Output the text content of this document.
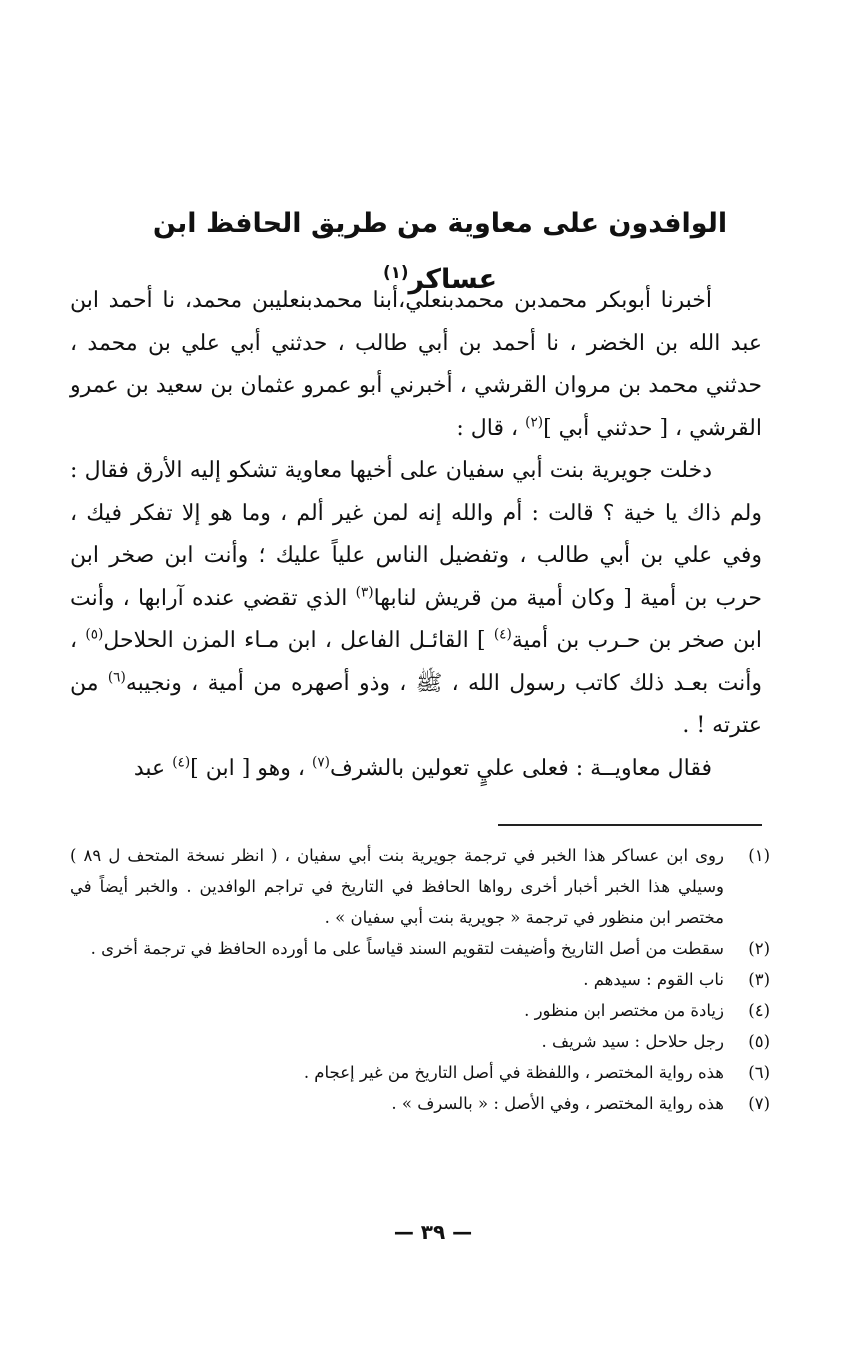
الوافدون على معاوية من طريق الحافظ ابن عساكر$^{(١)}$

أخبرنا أبوبكر محمدبن محمدبنعلي،أبنا محمدبنعليبن محمد، نا أحمد ابن عبد الله بن الخضر ، نا أحمد بن أبي طالب ، حدثني أبي علي بن محمد ، حدثني محمد بن مروان القرشي ، أخبرني أبو عمرو عثمان بن سعيد بن عمرو القرشي ، [ حدثني أبي ]$^{(٢)}$ ، قال :

دخلت جويرية بنت أبي سفيان على أخيها معاوية تشكو إليه الأرق فقال : ولم ذاك يا خية ؟ قالت : أم والله إنه لمن غير ألم ، وما هو إلا تفكر فيك ، وفي علي بن أبي طالب ، وتفضيل الناس علياً عليك ؛ وأنت ابن صخر ابن حرب بن أمية [ وكان أمية من قريش لنابها$^{(٣)}$ الذي تقضي عنده آرابها ، وأنت ابن صخر بن حـرب بن أمية$^{(٤)}$ ] القائـل الفاعل ، ابن مـاء المزن الحلاحل$^{(٥)}$ ، وأنت بعـد ذلك كاتب رسول الله ، ﷺ ، وذو أصهره من أمية ، ونجيبه$^{(٦)}$ من عترته ! .

فقال معاويــة : فعلى عليٍ تعولين بالشرف$^{(٧)}$ ، وهو [ ابن ]$^{(٤)}$ عبد

(١)
روى ابن عساكر هذا الخبر في ترجمة جويرية بنت أبي سفيان ، ( انظر نسخة المتحف ل ٨٩ ) وسيلي هذا الخبر أخبار أخرى رواها الحافظ في التاريخ في تراجم الوافدين . والخبر أيضاً في مختصر ابن منظور في ترجمة « جويرية بنت أبي سفيان » .
(٢)
سقطت من أصل التاريخ وأضيفت لتقويم السند قياساً على ما أورده الحافظ في ترجمة أخرى .
(٣)
ناب القوم : سيدهم .
(٤)
زيادة من مختصر ابن منظور .
(٥)
رجل حلاحل : سيد شريف .
(٦)
هذه رواية المختصر ، واللفظة في أصل التاريخ من غير إعجام .
(٧)
هذه رواية المختصر ، وفي الأصل : « بالسرف » .
— ٣٩ —
